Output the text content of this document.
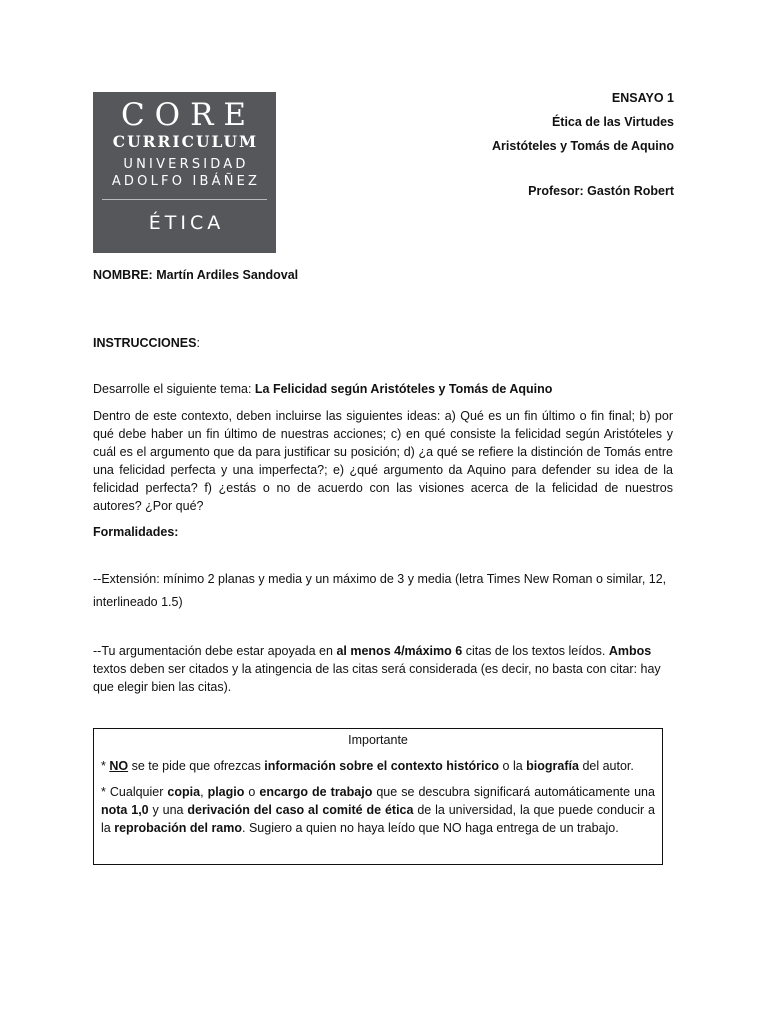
CORE
CURRICULUM
UNIVERSIDAD
ADOLFO IBÁÑEZ
ÉTICA
ENSAYO 1
Ética de las Virtudes
Aristóteles y Tomás de Aquino
Profesor: Gastón Robert
NOMBRE: Martín Ardiles Sandoval
INSTRUCCIONES:
Desarrolle el siguiente tema: La Felicidad según Aristóteles y Tomás de Aquino
Dentro de este contexto, deben incluirse las siguientes ideas: a) Qué es un fin último o fin final; b) por qué debe haber un fin último de nuestras acciones; c) en qué consiste la felicidad según Aristóteles y cuál es el argumento que da para justificar su posición; d) ¿a qué se refiere la distinción de Tomás entre una felicidad perfecta y una imperfecta?; e) ¿qué argumento da Aquino para defender su idea de la felicidad perfecta? f) ¿estás o no de acuerdo con las visiones acerca de la felicidad de nuestros autores? ¿Por qué?
Formalidades:
--Extensión: mínimo 2 planas y media y un máximo de 3 y media (letra Times New Roman o similar, 12, interlineado 1.5)
--Tu argumentación debe estar apoyada en al menos 4/máximo 6 citas de los textos leídos. Ambos textos deben ser citados y la atingencia de las citas será considerada (es decir, no basta con citar: hay que elegir bien las citas).
Importante

* NO se te pide que ofrezcas información sobre el contexto histórico o la biografía del autor.

* Cualquier copia, plagio o encargo de trabajo que se descubra significará automáticamente una nota 1,0 y una derivación del caso al comité de ética de la universidad, la que puede conducir a la reprobación del ramo. Sugiero a quien no haya leído que NO haga entrega de un trabajo.
